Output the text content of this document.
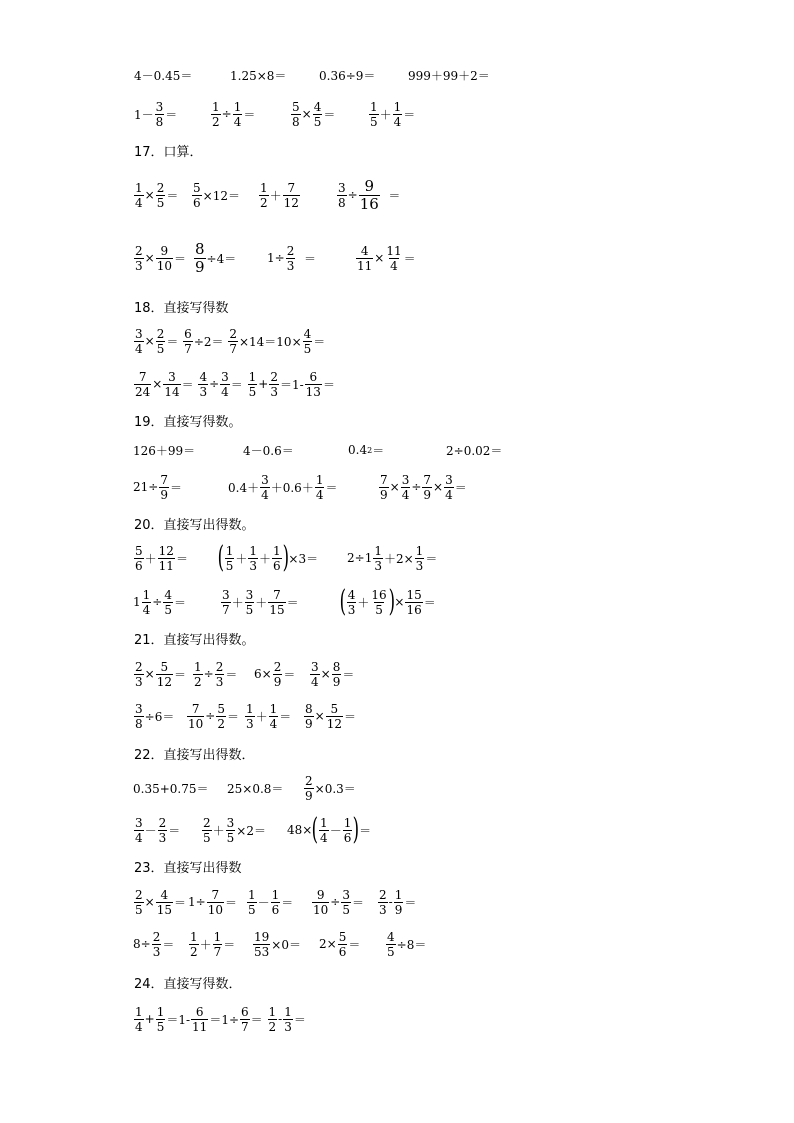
4－0.45＝	1.25×8＝	0.36÷9＝	999＋99＋2＝
$1- \frac{3}{8}$ ＝	$\frac{1}{2} \div \frac{1}{4}$ ＝	$\frac{5}{8} \times \frac{4}{5}$ ＝	$\frac{1}{5} + \frac{1}{4}$ ＝
17．口算．
$\frac{1}{4} \times \frac{2}{5} = \frac{5}{6} \times 12= \frac{1}{2} + \frac{7}{12}$	$\frac{3}{8} \div \frac{9}{16}$ ＝
$\frac{2}{3} \times \frac{9}{10} = \frac{8}{9} \div 4=$	$1\div \frac{2}{3}$ ＝	$\frac{4}{11} \times \frac{11}{4}$ ＝
18．直接写得数
$\frac{3}{4} \times \frac{2}{5} = \frac{6}{7} \div 2= \frac{2}{7} \times 14=10\times \frac{4}{5}$ ＝
$\frac{7}{24} \times \frac{3}{14} = \frac{4}{3} \div \frac{3}{4} = \frac{1}{5} + \frac{2}{3} =1- \frac{6}{13}$ ＝
19．直接写得数。
126＋99＝	4－0.6＝	0.4 2 ＝	2÷0.02＝
$21\div \frac{7}{9}$ ＝	$0.4+ \frac{3}{4} +0.6+ \frac{1}{4}$ ＝	$\frac{7}{9} \times \frac{3}{4} \div \frac{7}{9} \times \frac{3}{4}$ ＝
20．直接写出得数。
$\frac{5}{6} + \frac{12}{11}$ ＝ ( $\frac{1}{5} + \frac{1}{3} + \frac{1}{6}$ ) $\times 3= 2\div 1 \frac{1}{3} +2\times \frac{1}{3}$ ＝
$1 \frac{1}{4} \div \frac{4}{5}$ ＝	$\frac{3}{7} + \frac{3}{5} + \frac{7}{15}$ ＝ ( $\frac{4}{3} + \frac{16}{5}$ ) × $\frac{15}{16}$ ＝
21．直接写出得数。
$\frac{2}{3} \times \frac{5}{12} = \frac{1}{2} \div \frac{2}{3} = 6\times \frac{2}{9} = \frac{3}{4} \times \frac{8}{9}$ ＝
$\frac{3}{8} \div 6= \frac{7}{10} \div \frac{5}{2} = \frac{1}{3} + \frac{1}{4} = \frac{8}{9} \times \frac{5}{12}$ ＝
22．直接写出得数．
$0.35+0.75= 25\times 0.8= \frac{2}{9} \times 0.3=$
$\frac{3}{4} - \frac{2}{3} = \frac{2}{5} + \frac{3}{5} \times 2= 48\times$ ( $\frac{1}{4} - \frac{1}{6}$ ) ＝
23．直接写出得数
$\frac{2}{5} \times \frac{4}{15} = 1\div \frac{7}{10} = \frac{1}{5} - \frac{1}{6} = \frac{9}{10} \div \frac{3}{5} = \frac{2}{3} - \frac{1}{9}$ ＝
$8\div \frac{2}{3} = \frac{1}{2} + \frac{1}{7} = \frac{19}{53} \times 0= 2\times \frac{5}{6} = \frac{4}{5} \div 8=$
24．直接写得数．
$\frac{1}{4} + \frac{1}{5} =1- \frac{6}{11} =1\div \frac{6}{7} = \frac{1}{2} - \frac{1}{3}$ ＝
